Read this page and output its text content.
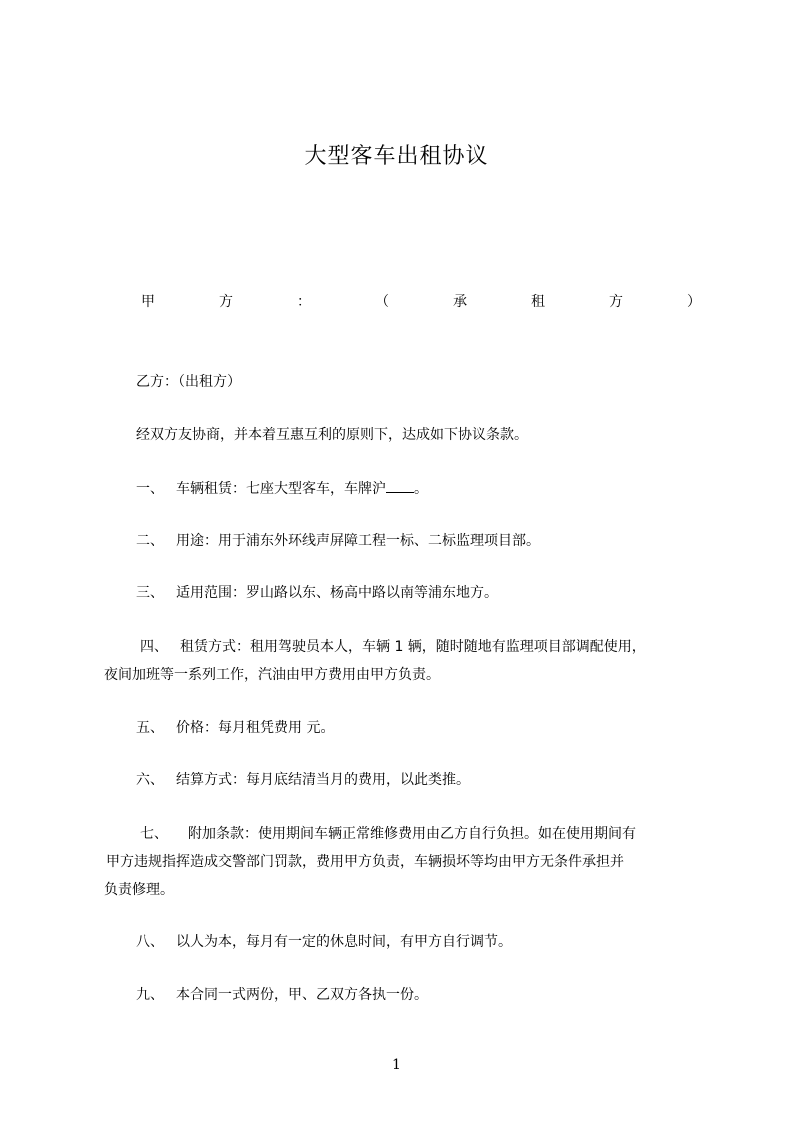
大型客车出租协议
甲	方	：	（	承	租	方	）
乙方：（出租方）
经双方友协商，并本着互惠互利的原则下，达成如下协议条款。
一、 车辆租赁：七座大型客车，车牌沪 。
二、 用途：用于浦东外环线声屏障工程一标、二标监理项目部。
三、 适用范围：罗山路以东、杨高中路以南等浦东地方。
四、 租赁方式：租用驾驶员本人，车辆 1 辆，随时随地有监理项目部调配使用，
夜间加班等一系列工作，汽油由甲方费用由甲方负责。
五、 价格：每月租凭费用 元。
六、 结算方式：每月底结清当月的费用，以此类推。
七、 附加条款：使用期间车辆正常维修费用由乙方自行负担。如在使用期间有
甲方违规指挥造成交警部门罚款，费用甲方负责，车辆损坏等均由甲方无条件承担并
负责修理。
八、 以人为本，每月有一定的休息时间，有甲方自行调节。
九、 本合同一式两份，甲、乙双方各执一份。
1
